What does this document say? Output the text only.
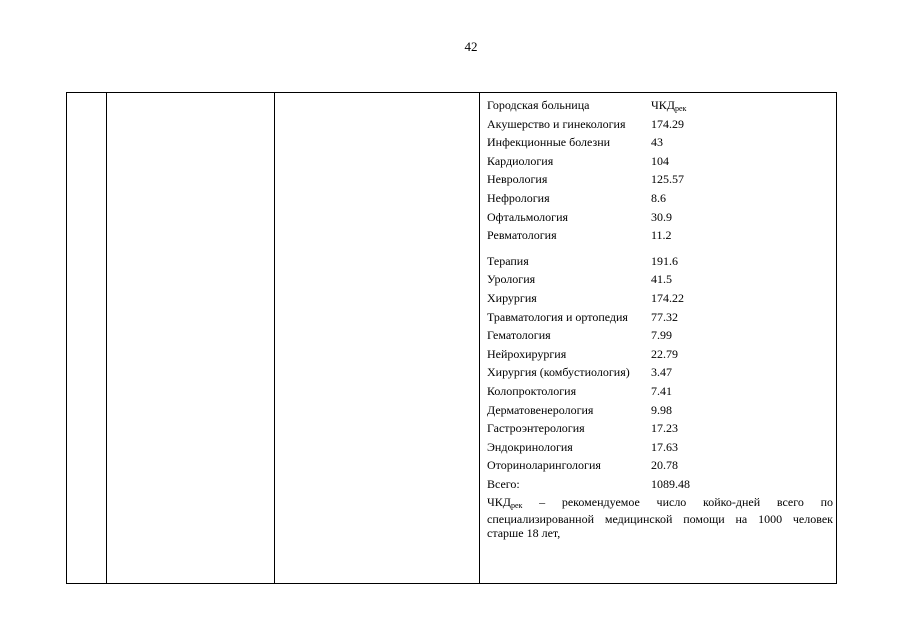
42
Городская больница	$ЧКД_{рек}$
Акушерство и гинекология	174.29
Инфекционные болезни	43
Кардиология	104
Неврология	125.57
Нефрология	8.6
Офтальмология	30.9
Ревматология	11.2
Терапия	191.6
Урология	41.5
Хирургия	174.22
Травматология и ортопедия	77.32
Гематология	7.99
Нейрохирургия	22.79
Хирургия (комбустиология)	3.47
Колопроктология	7.41
Дерматовенерология	9.98
Гастроэнтерология	17.23
Эндокринология	17.63
Оториноларингология	20.78
Всего:	1089.48
$ЧКД_{рек}$ – рекомендуемое число койко-дней всего по специализированной медицинской помощи на 1000 человек старше 18 лет,
